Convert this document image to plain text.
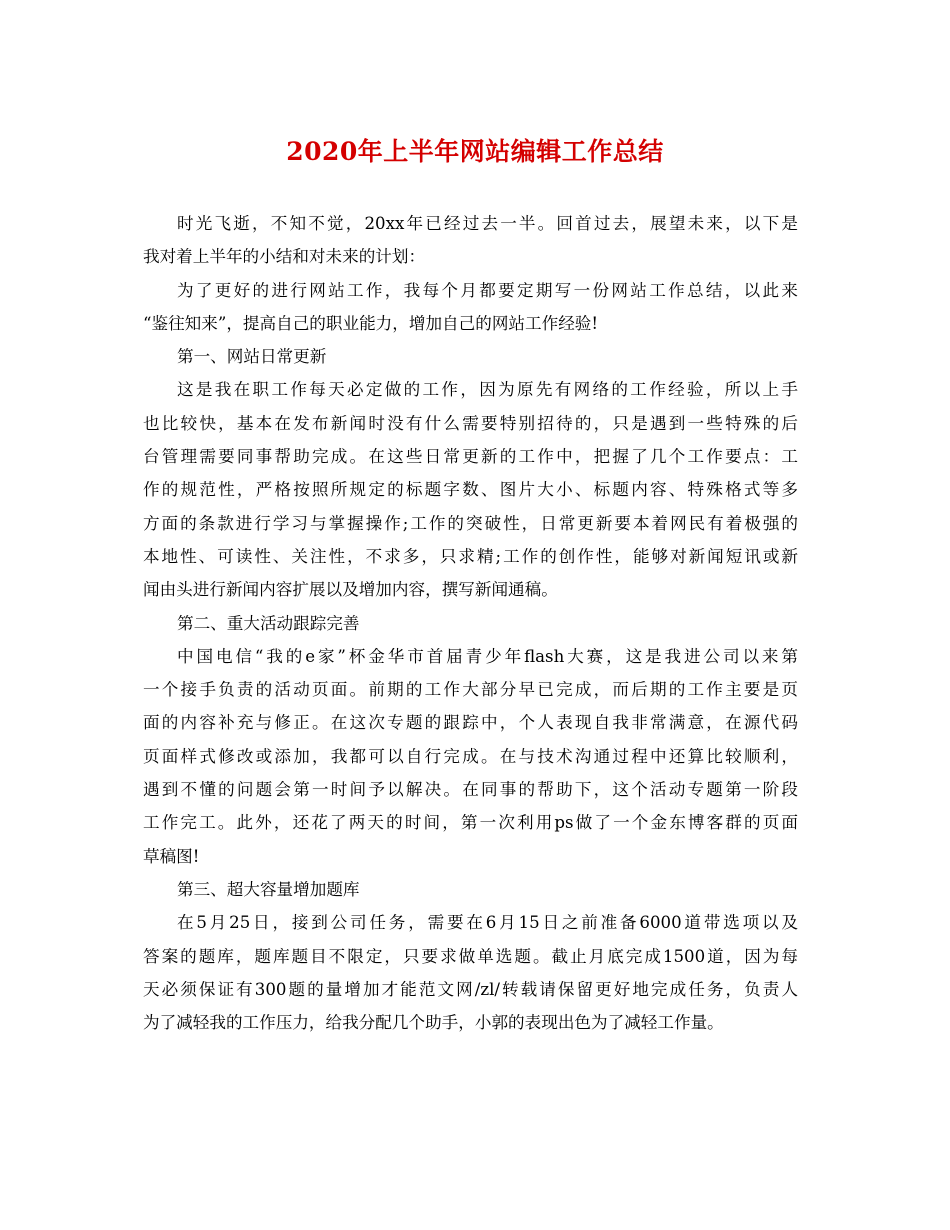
2020年上半年网站编辑工作总结
时光飞逝，不知不觉，20xx年已经过去一半。回首过去，展望未来，以下是
我对着上半年的小结和对未来的计划：
为了更好的进行网站工作，我每个月都要定期写一份网站工作总结，以此来
“鉴往知来”，提高自己的职业能力，增加自己的网站工作经验!
第一、网站日常更新
这是我在职工作每天必定做的工作，因为原先有网络的工作经验，所以上手
也比较快，基本在发布新闻时没有什么需要特别招待的，只是遇到一些特殊的后
台管理需要同事帮助完成。在这些日常更新的工作中，把握了几个工作要点：工
作的规范性，严格按照所规定的标题字数、图片大小、标题内容、特殊格式等多
方面的条款进行学习与掌握操作;工作的突破性，日常更新要本着网民有着极强的
本地性、可读性、关注性，不求多，只求精;工作的创作性，能够对新闻短讯或新
闻由头进行新闻内容扩展以及增加内容，撰写新闻通稿。
第二、重大活动跟踪完善
中国电信“我的e家”杯金华市首届青少年flash大赛，这是我进公司以来第
一个接手负责的活动页面。前期的工作大部分早已完成，而后期的工作主要是页
面的内容补充与修正。在这次专题的跟踪中，个人表现自我非常满意，在源代码
页面样式修改或添加，我都可以自行完成。在与技术沟通过程中还算比较顺利，
遇到不懂的问题会第一时间予以解决。在同事的帮助下，这个活动专题第一阶段
工作完工。此外，还花了两天的时间，第一次利用ps做了一个金东博客群的页面
草稿图!
第三、超大容量增加题库
在5月25日，接到公司任务，需要在6月15日之前准备6000道带选项以及
答案的题库，题库题目不限定，只要求做单选题。截止月底完成1500道，因为每
天必须保证有300题的量增加才能范文网/zl/转载请保留更好地完成任务，负责人
为了减轻我的工作压力，给我分配几个助手，小郭的表现出色为了减轻工作量。
